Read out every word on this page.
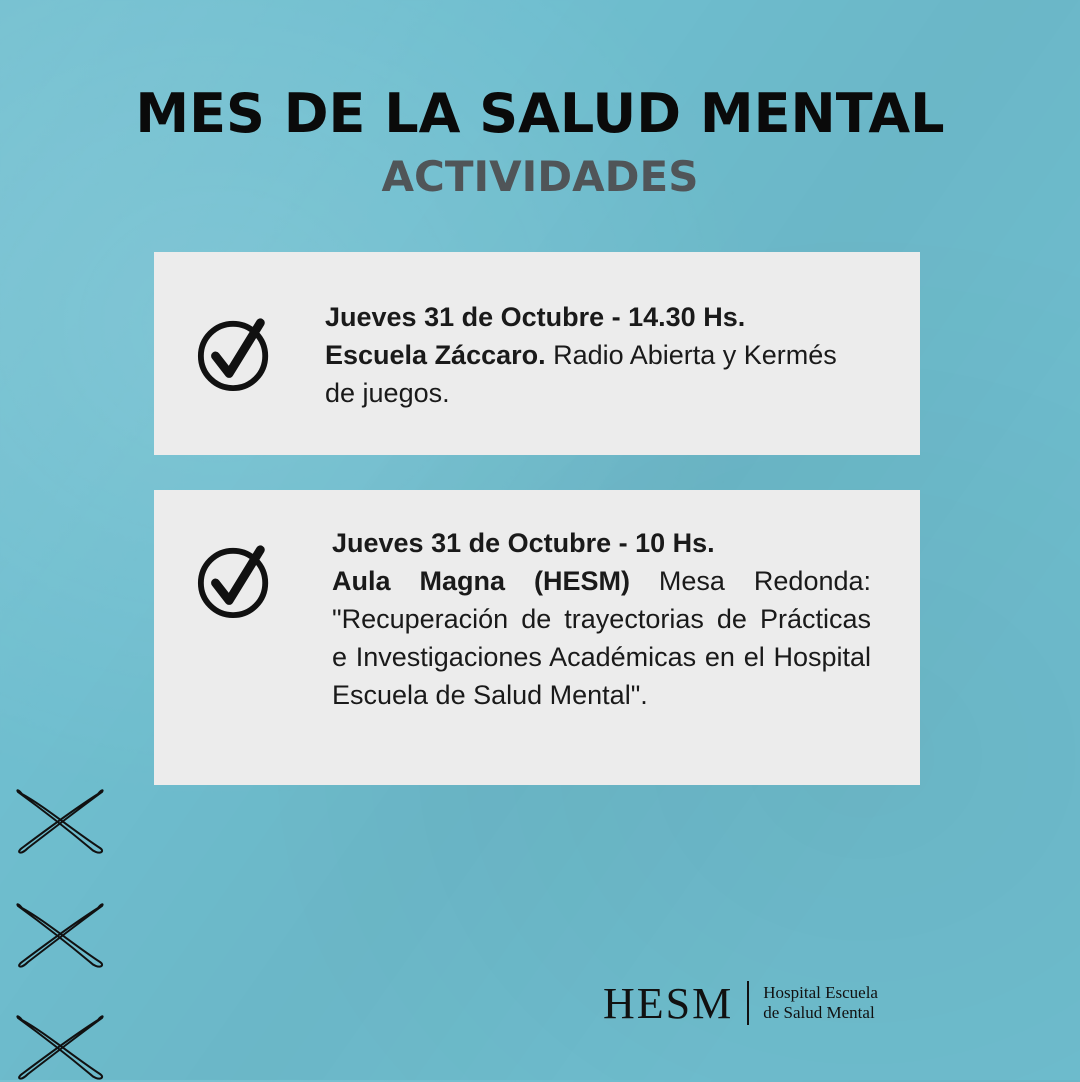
MES DE LA SALUD MENTAL
ACTIVIDADES
Jueves 31 de Octubre - 14.30 Hs.
Escuela Záccaro. Radio Abierta y Kermés de juegos.
Jueves 31 de Octubre - 10 Hs.
Aula Magna (HESM) Mesa Redonda: "Recuperación de trayectorias de Prácticas e Investigaciones Académicas en el Hospital Escuela de Salud Mental".
HESM Hospital Escuela
de Salud Mental
